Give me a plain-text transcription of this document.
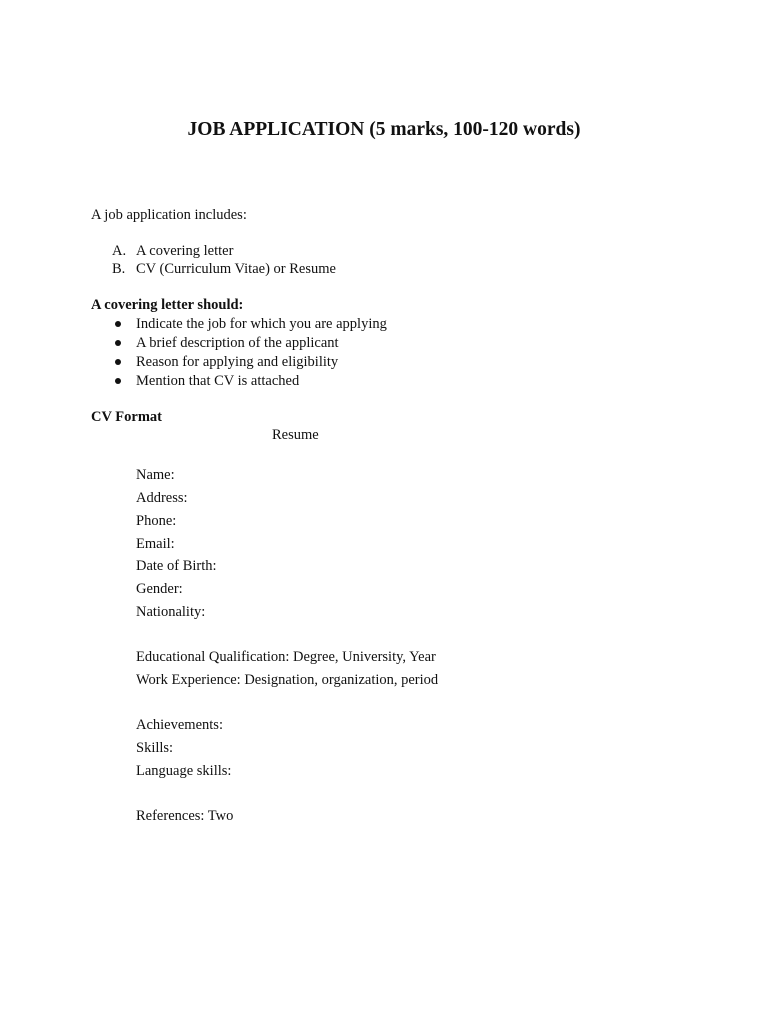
JOB APPLICATION (5 marks, 100-120 words)
A job application includes:
A. A covering letter
B. CV (Curriculum Vitae) or Resume
A covering letter should:
Indicate the job for which you are applying
A brief description of the applicant
Reason for applying and eligibility
Mention that CV is attached
CV Format
Resume
Name:
Address:
Phone:
Email:
Date of Birth:
Gender:
Nationality:
Educational Qualification: Degree, University, Year
Work Experience: Designation, organization, period
Achievements:
Skills:
Language skills:
References: Two
